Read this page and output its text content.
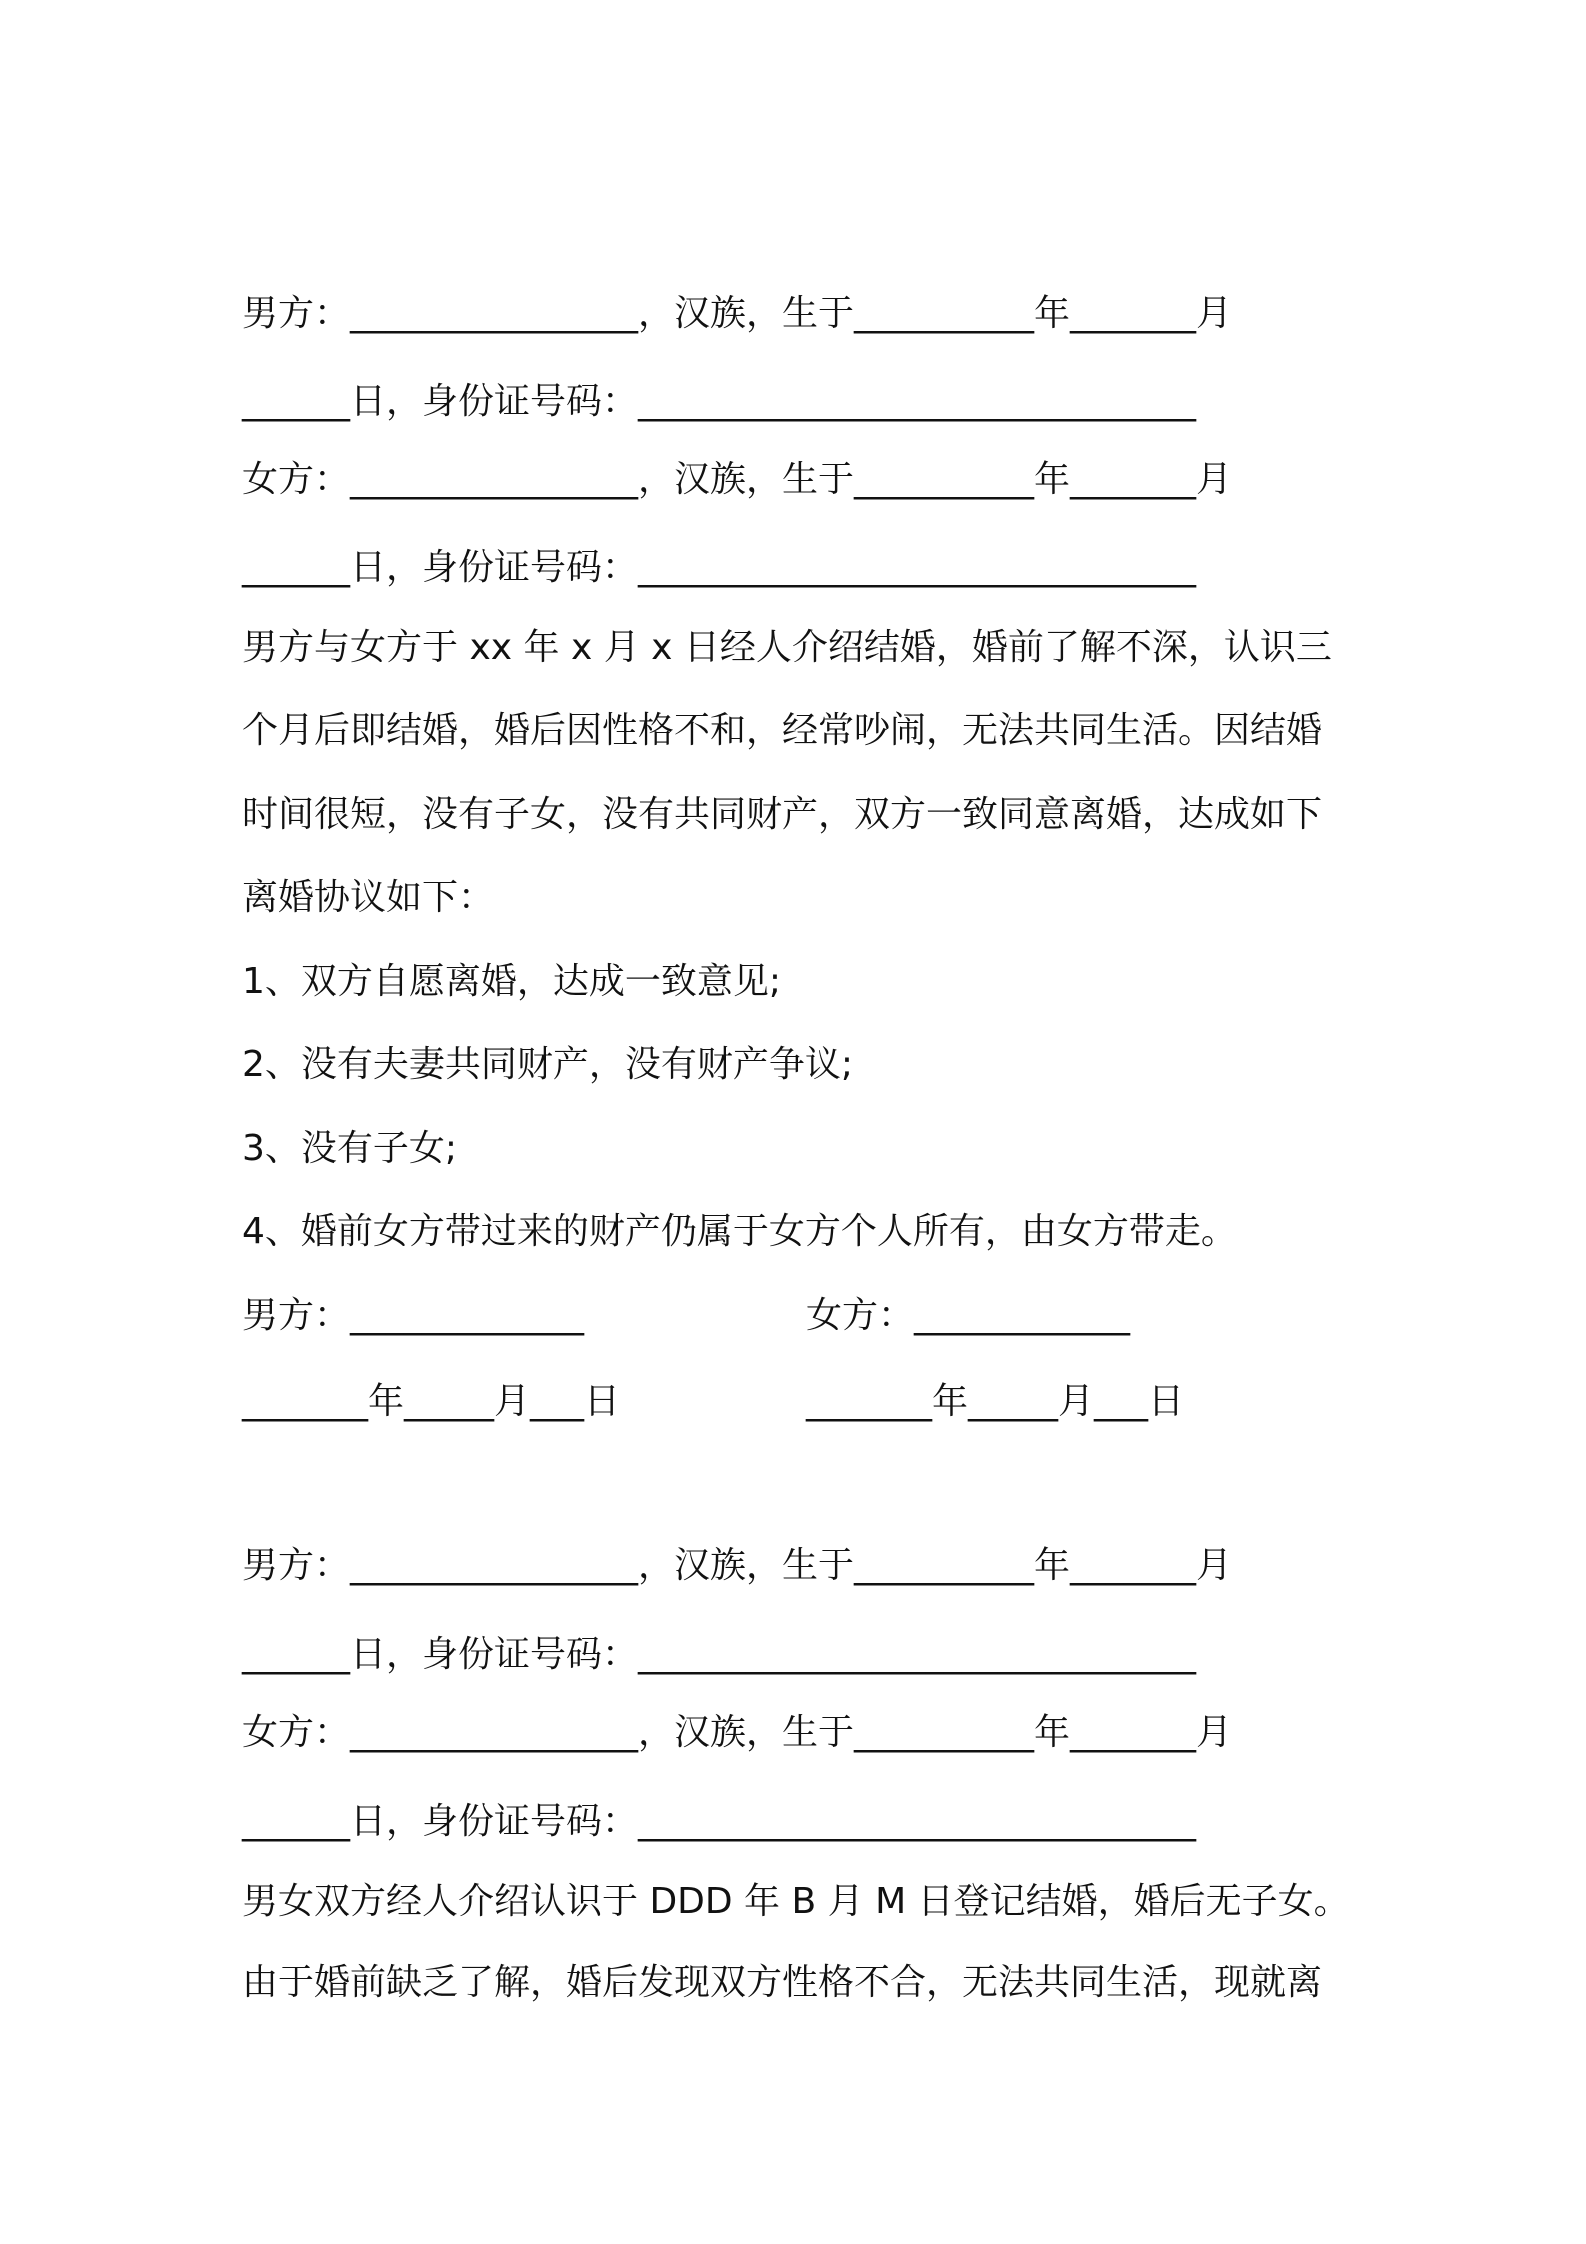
男方：________________，汉族，生于__________年_______月
______日，身份证号码：_______________________________
女方：________________，汉族，生于__________年_______月
______日，身份证号码：_______________________________
男方与女方于 xx 年 x 月 x 日经人介绍结婚，婚前了解不深，认识三
个月后即结婚，婚后因性格不和，经常吵闹，无法共同生活。因结婚
时间很短，没有子女，没有共同财产，双方一致同意离婚，达成如下
离婚协议如下：
1、双方自愿离婚，达成一致意见;
2、没有夫妻共同财产，没有财产争议;
3、没有子女;
4、婚前女方带过来的财产仍属于女方个人所有，由女方带走。
男方：_____________	女方：____________
_______年_____月___日	_______年_____月___日
男方：________________，汉族，生于__________年_______月
______日，身份证号码：_______________________________
女方：________________，汉族，生于__________年_______月
______日，身份证号码：_______________________________
男女双方经人介绍认识于 DDD 年 B 月 M 日登记结婚，婚后无子女。
由于婚前缺乏了解，婚后发现双方性格不合，无法共同生活，现就离
